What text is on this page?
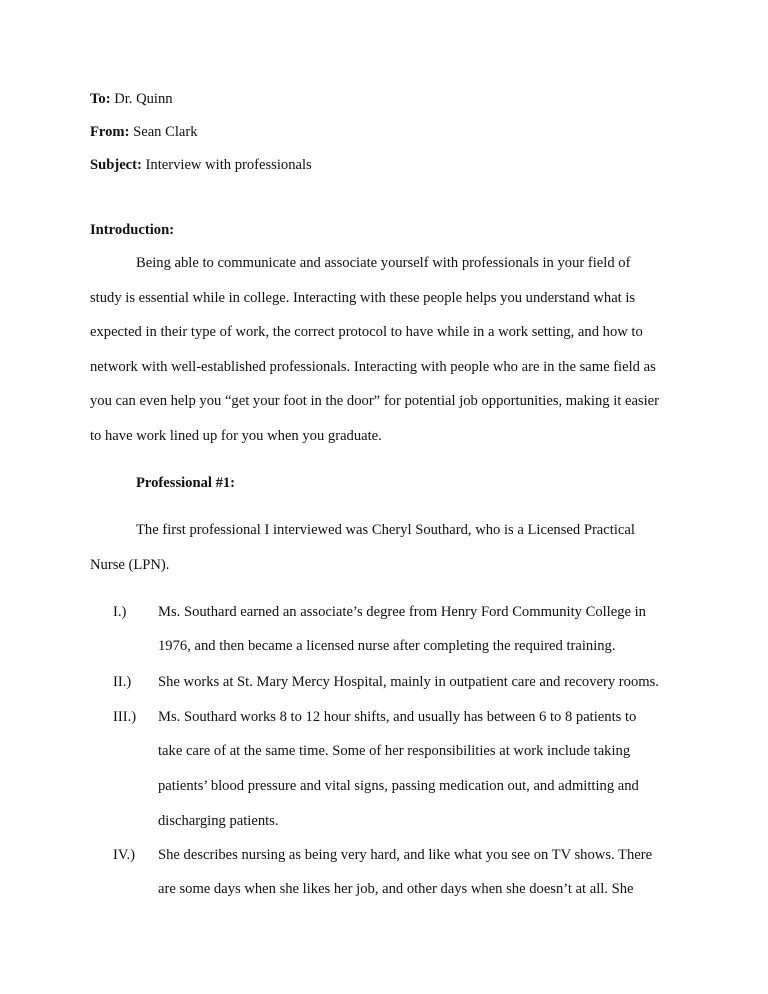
To: Dr. Quinn
From: Sean Clark
Subject: Interview with professionals
Introduction:
Being able to communicate and associate yourself with professionals in your field of
study is essential while in college. Interacting with these people helps you understand what is
expected in their type of work, the correct protocol to have while in a work setting, and how to
network with well-established professionals. Interacting with people who are in the same field as
you can even help you “get your foot in the door” for potential job opportunities, making it easier
to have work lined up for you when you graduate.
Professional #1:
The first professional I interviewed was Cheryl Southard, who is a Licensed Practical
Nurse (LPN).
I.) Ms. Southard earned an associate’s degree from Henry Ford Community College in
1976, and then became a licensed nurse after completing the required training.
II.) She works at St. Mary Mercy Hospital, mainly in outpatient care and recovery rooms.
III.) Ms. Southard works 8 to 12 hour shifts, and usually has between 6 to 8 patients to
take care of at the same time. Some of her responsibilities at work include taking
patients’ blood pressure and vital signs, passing medication out, and admitting and
discharging patients.
IV.) She describes nursing as being very hard, and like what you see on TV shows. There
are some days when she likes her job, and other days when she doesn’t at all. She
